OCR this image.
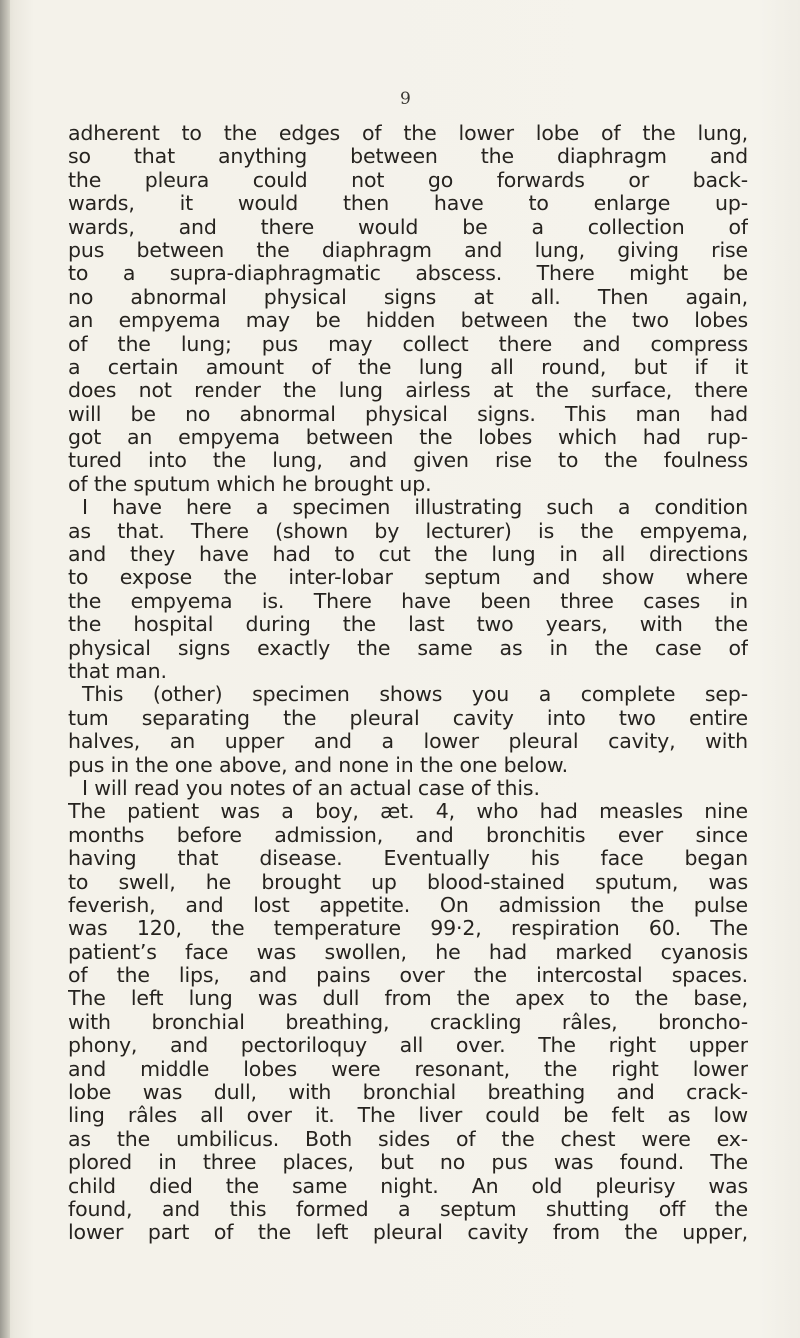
9
adherent to the edges of the lower lobe of the lung,
so that anything between the diaphragm and
the pleura could not go forwards or back-
wards, it would then have to enlarge up-
wards, and there would be a collection of
pus between the diaphragm and lung, giving rise
to a supra-diaphragmatic abscess. There might be
no abnormal physical signs at all. Then again,
an empyema may be hidden between the two lobes
of the lung; pus may collect there and compress
a certain amount of the lung all round, but if it
does not render the lung airless at the surface, there
will be no abnormal physical signs. This man had
got an empyema between the lobes which had rup-
tured into the lung, and given rise to the foulness
of the sputum which he brought up.
I have here a specimen illustrating such a condition
as that. There (shown by lecturer) is the empyema,
and they have had to cut the lung in all directions
to expose the inter-lobar septum and show where
the empyema is. There have been three cases in
the hospital during the last two years, with the
physical signs exactly the same as in the case of
that man.
This (other) specimen shows you a complete sep-
tum separating the pleural cavity into two entire
halves, an upper and a lower pleural cavity, with
pus in the one above, and none in the one below.
I will read you notes of an actual case of this.
The patient was a boy, æt. 4, who had measles nine
months before admission, and bronchitis ever since
having that disease. Eventually his face began
to swell, he brought up blood-stained sputum, was
feverish, and lost appetite. On admission the pulse
was 120, the temperature 99·2, respiration 60. The
patient’s face was swollen, he had marked cyanosis
of the lips, and pains over the intercostal spaces.
The left lung was dull from the apex to the base,
with bronchial breathing, crackling râles, broncho-
phony, and pectoriloquy all over. The right upper
and middle lobes were resonant, the right lower
lobe was dull, with bronchial breathing and crack-
ling râles all over it. The liver could be felt as low
as the umbilicus. Both sides of the chest were ex-
plored in three places, but no pus was found. The
child died the same night. An old pleurisy was
found, and this formed a septum shutting off the
lower part of the left pleural cavity from the upper,
